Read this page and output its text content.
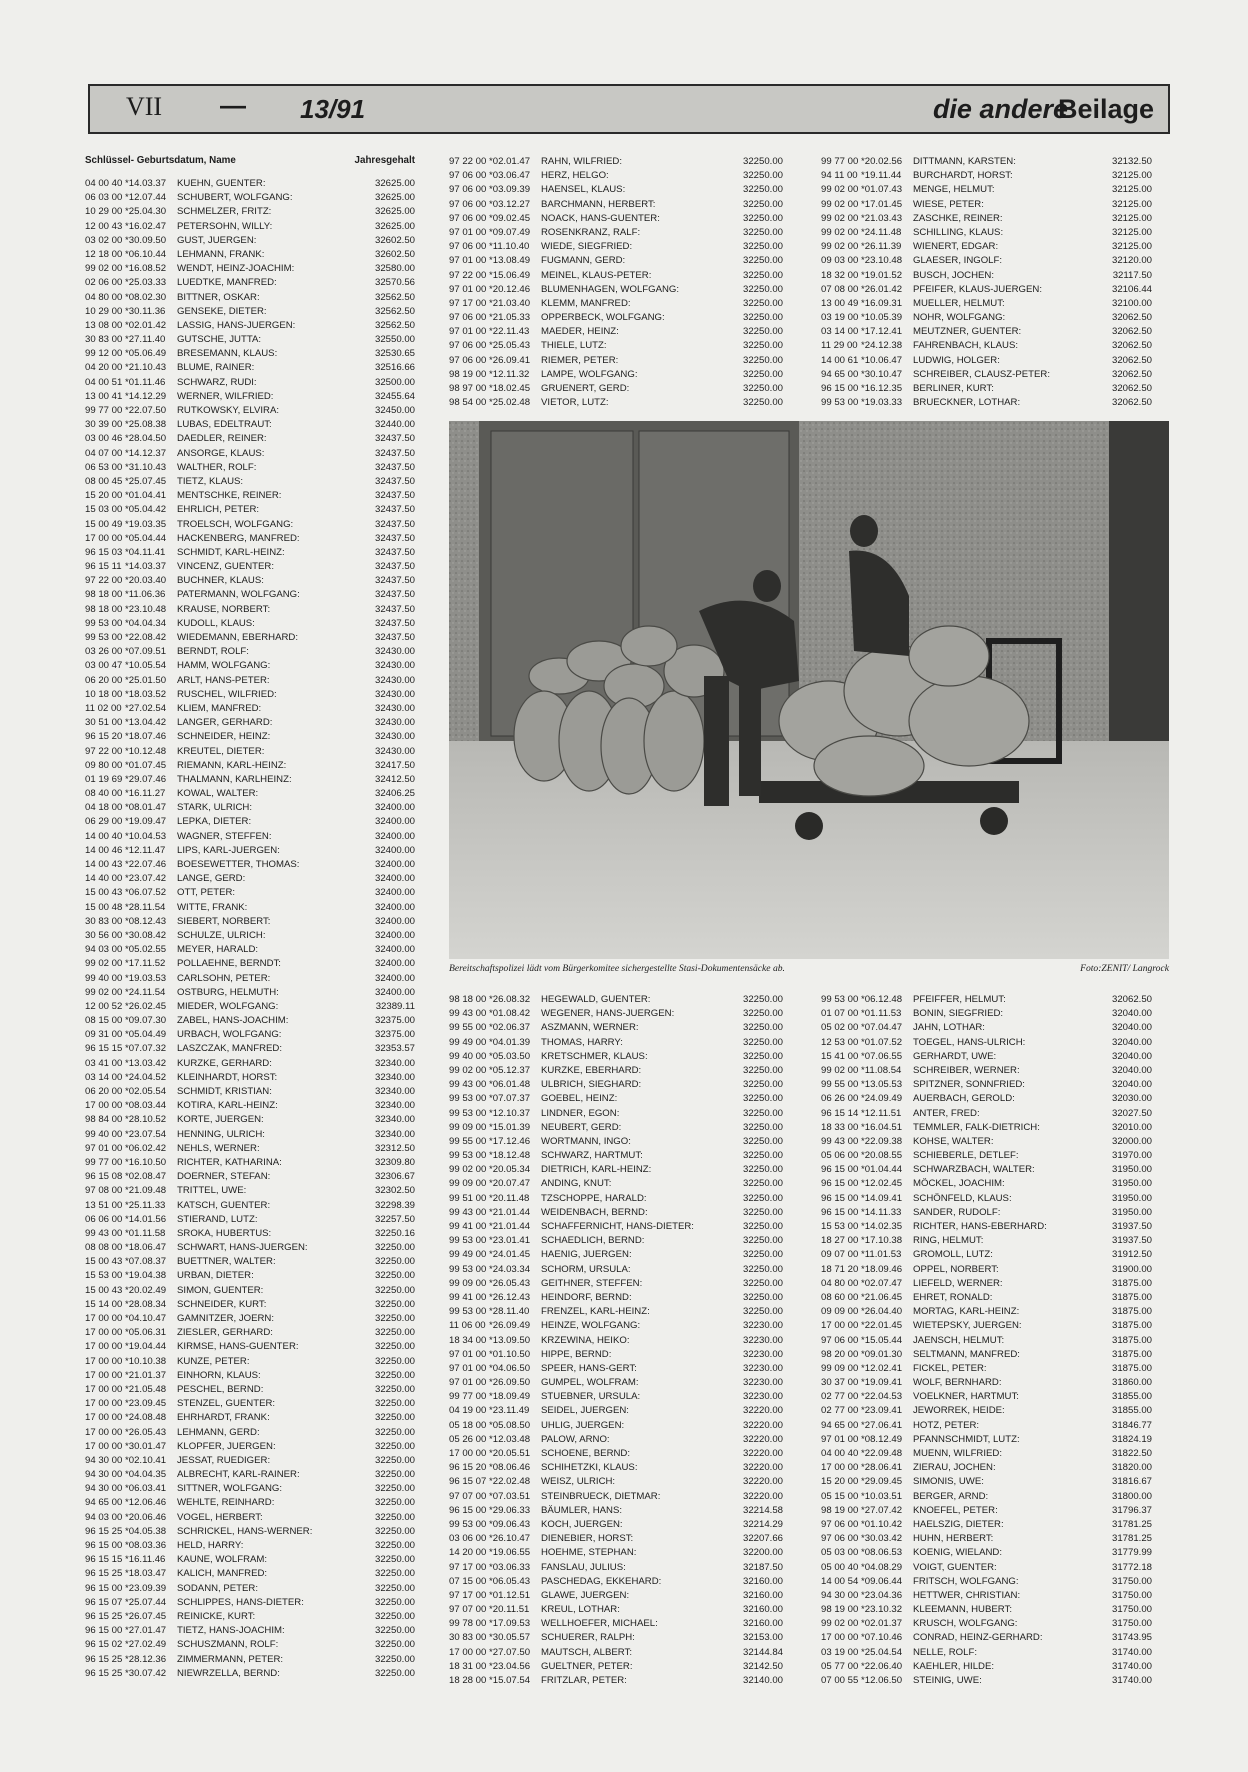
VII — 13/91	die andere
Beilage
Schlüssel- Geburtsdatum, Name	Jahresgehalt
04 00 40 *14.03.37	KUEHN, GUENTER:	32625.00
06 03 00 *12.07.44	SCHUBERT, WOLFGANG:	32625.00
10 29 00 *25.04.30	SCHMELZER, FRITZ:	32625.00
12 00 43 *16.02.47	PETERSOHN, WILLY:	32625.00
03 02 00 *30.09.50	GUST, JUERGEN:	32602.50
12 18 00 *06.10.44	LEHMANN, FRANK:	32602.50
99 02 00 *16.08.52	WENDT, HEINZ-JOACHIM:	32580.00
02 06 00 *25.03.33	LUEDTKE, MANFRED:	32570.56
04 80 00 *08.02.30	BITTNER, OSKAR:	32562.50
10 29 00 *30.11.36	GENSEKE, DIETER:	32562.50
13 08 00 *02.01.42	LASSIG, HANS-JUERGEN:	32562.50
30 83 00 *27.11.40	GUTSCHE, JUTTA:	32550.00
99 12 00 *05.06.49	BRESEMANN, KLAUS:	32530.65
04 20 00 *21.10.43	BLUME, RAINER:	32516.66
04 00 51 *01.11.46	SCHWARZ, RUDI:	32500.00
13 00 41 *14.12.29	WERNER, WILFRIED:	32455.64
99 77 00 *22.07.50	RUTKOWSKY, ELVIRA:	32450.00
30 39 00 *25.08.38	LUBAS, EDELTRAUT:	32440.00
03 00 46 *28.04.50	DAEDLER, REINER:	32437.50
04 07 00 *14.12.37	ANSORGE, KLAUS:	32437.50
06 53 00 *31.10.43	WALTHER, ROLF:	32437.50
08 00 45 *25.07.45	TIETZ, KLAUS:	32437.50
15 20 00 *01.04.41	MENTSCHKE, REINER:	32437.50
15 03 00 *05.04.42	EHRLICH, PETER:	32437.50
15 00 49 *19.03.35	TROELSCH, WOLFGANG:	32437.50
17 00 00 *05.04.44	HACKENBERG, MANFRED:	32437.50
96 15 03 *04.11.41	SCHMIDT, KARL-HEINZ:	32437.50
96 15 11 *14.03.37	VINCENZ, GUENTER:	32437.50
97 22 00 *20.03.40	BUCHNER, KLAUS:	32437.50
98 18 00 *11.06.36	PATERMANN, WOLFGANG:	32437.50
98 18 00 *23.10.48	KRAUSE, NORBERT:	32437.50
99 53 00 *04.04.34	KUDOLL, KLAUS:	32437.50
99 53 00 *22.08.42	WIEDEMANN, EBERHARD:	32437.50
03 26 00 *07.09.51	BERNDT, ROLF:	32430.00
03 00 47 *10.05.54	HAMM, WOLFGANG:	32430.00
06 20 00 *25.01.50	ARLT, HANS-PETER:	32430.00
10 18 00 *18.03.52	RUSCHEL, WILFRIED:	32430.00
11 02 00 *27.02.54	KLIEM, MANFRED:	32430.00
30 51 00 *13.04.42	LANGER, GERHARD:	32430.00
96 15 20 *18.07.46	SCHNEIDER, HEINZ:	32430.00
97 22 00 *10.12.48	KREUTEL, DIETER:	32430.00
09 80 00 *01.07.45	RIEMANN, KARL-HEINZ:	32417.50
01 19 69 *29.07.46	THALMANN, KARLHEINZ:	32412.50
08 40 00 *16.11.27	KOWAL, WALTER:	32406.25
04 18 00 *08.01.47	STARK, ULRICH:	32400.00
06 29 00 *19.09.47	LEPKA, DIETER:	32400.00
14 00 40 *10.04.53	WAGNER, STEFFEN:	32400.00
14 00 46 *12.11.47	LIPS, KARL-JUERGEN:	32400.00
14 00 43 *22.07.46	BOESEWETTER, THOMAS:	32400.00
14 40 00 *23.07.42	LANGE, GERD:	32400.00
15 00 43 *06.07.52	OTT, PETER:	32400.00
15 00 48 *28.11.54	WITTE, FRANK:	32400.00
30 83 00 *08.12.43	SIEBERT, NORBERT:	32400.00
30 56 00 *30.08.42	SCHULZE, ULRICH:	32400.00
94 03 00 *05.02.55	MEYER, HARALD:	32400.00
99 02 00 *17.11.52	POLLAEHNE, BERNDT:	32400.00
99 40 00 *19.03.53	CARLSOHN, PETER:	32400.00
99 02 00 *24.11.54	OSTBURG, HELMUTH:	32400.00
12 00 52 *26.02.45	MIEDER, WOLFGANG:	32389.11
08 15 00 *09.07.30	ZABEL, HANS-JOACHIM:	32375.00
09 31 00 *05.04.49	URBACH, WOLFGANG:	32375.00
96 15 15 *07.07.32	LASZCZAK, MANFRED:	32353.57
03 41 00 *13.03.42	KURZKE, GERHARD:	32340.00
03 14 00 *24.04.52	KLEINHARDT, HORST:	32340.00
06 20 00 *02.05.54	SCHMIDT, KRISTIAN:	32340.00
17 00 00 *08.03.44	KOTIRA, KARL-HEINZ:	32340.00
98 84 00 *28.10.52	KORTE, JUERGEN:	32340.00
99 40 00 *23.07.54	HENNING, ULRICH:	32340.00
97 01 00 *06.02.42	NEHLS, WERNER:	32312.50
99 77 00 *16.10.50	RICHTER, KATHARINA:	32309.80
96 15 08 *02.08.47	DOERNER, STEFAN:	32306.67
97 08 00 *21.09.48	TRITTEL, UWE:	32302.50
13 51 00 *25.11.33	KATSCH, GUENTER:	32298.39
06 06 00 *14.01.56	STIERAND, LUTZ:	32257.50
99 43 00 *01.11.58	SROKA, HUBERTUS:	32250.16
08 08 00 *18.06.47	SCHWART, HANS-JUERGEN:	32250.00
15 00 43 *07.08.37	BUETTNER, WALTER:	32250.00
15 53 00 *19.04.38	URBAN, DIETER:	32250.00
15 00 43 *20.02.49	SIMON, GUENTER:	32250.00
15 14 00 *28.08.34	SCHNEIDER, KURT:	32250.00
17 00 00 *04.10.47	GAMNITZER, JOERN:	32250.00
17 00 00 *05.06.31	ZIESLER, GERHARD:	32250.00
17 00 00 *19.04.44	KIRMSE, HANS-GUENTER:	32250.00
17 00 00 *10.10.38	KUNZE, PETER:	32250.00
17 00 00 *21.01.37	EINHORN, KLAUS:	32250.00
17 00 00 *21.05.48	PESCHEL, BERND:	32250.00
17 00 00 *23.09.45	STENZEL, GUENTER:	32250.00
17 00 00 *24.08.48	EHRHARDT, FRANK:	32250.00
17 00 00 *26.05.43	LEHMANN, GERD:	32250.00
17 00 00 *30.01.47	KLOPFER, JUERGEN:	32250.00
94 30 00 *02.10.41	JESSAT, RUEDIGER:	32250.00
94 30 00 *04.04.35	ALBRECHT, KARL-RAINER:	32250.00
94 30 00 *06.03.41	SITTNER, WOLFGANG:	32250.00
94 65 00 *12.06.46	WEHLTE, REINHARD:	32250.00
94 03 00 *20.06.46	VOGEL, HERBERT:	32250.00
96 15 25 *04.05.38	SCHRICKEL, HANS-WERNER:	32250.00
96 15 00 *08.03.36	HELD, HARRY:	32250.00
96 15 15 *16.11.46	KAUNE, WOLFRAM:	32250.00
96 15 25 *18.03.47	KALICH, MANFRED:	32250.00
96 15 00 *23.09.39	SODANN, PETER:	32250.00
96 15 07 *25.07.44	SCHLIPPES, HANS-DIETER:	32250.00
96 15 25 *26.07.45	REINICKE, KURT:	32250.00
96 15 00 *27.01.47	TIETZ, HANS-JOACHIM:	32250.00
96 15 02 *27.02.49	SCHUSZMANN, ROLF:	32250.00
96 15 25 *28.12.36	ZIMMERMANN, PETER:	32250.00
96 15 25 *30.07.42	NIEWRZELLA, BERND:	32250.00
97 22 00 *02.01.47	RAHN, WILFRIED:	32250.00
97 06 00 *03.06.47	HERZ, HELGO:	32250.00
97 06 00 *03.09.39	HAENSEL, KLAUS:	32250.00
97 06 00 *03.12.27	BARCHMANN, HERBERT:	32250.00
97 06 00 *09.02.45	NOACK, HANS-GUENTER:	32250.00
97 01 00 *09.07.49	ROSENKRANZ, RALF:	32250.00
97 06 00 *11.10.40	WIEDE, SIEGFRIED:	32250.00
97 01 00 *13.08.49	FUGMANN, GERD:	32250.00
97 22 00 *15.06.49	MEINEL, KLAUS-PETER:	32250.00
97 01 00 *20.12.46	BLUMENHAGEN, WOLFGANG:	32250.00
97 17 00 *21.03.40	KLEMM, MANFRED:	32250.00
97 06 00 *21.05.33	OPPERBECK, WOLFGANG:	32250.00
97 01 00 *22.11.43	MAEDER, HEINZ:	32250.00
97 06 00 *25.05.43	THIELE, LUTZ:	32250.00
97 06 00 *26.09.41	RIEMER, PETER:	32250.00
98 19 00 *12.11.32	LAMPE, WOLFGANG:	32250.00
98 97 00 *18.02.45	GRUENERT, GERD:	32250.00
98 54 00 *25.02.48	VIETOR, LUTZ:	32250.00
99 77 00 *20.02.56	DITTMANN, KARSTEN:	32132.50
94 11 00 *19.11.44	BURCHARDT, HORST:	32125.00
99 02 00 *01.07.43	MENGE, HELMUT:	32125.00
99 02 00 *17.01.45	WIESE, PETER:	32125.00
99 02 00 *21.03.43	ZASCHKE, REINER:	32125.00
99 02 00 *24.11.48	SCHILLING, KLAUS:	32125.00
99 02 00 *26.11.39	WIENERT, EDGAR:	32125.00
09 03 00 *23.10.48	GLAESER, INGOLF:	32120.00
18 32 00 *19.01.52	BUSCH, JOCHEN:	32117.50
07 08 00 *26.01.42	PFEIFER, KLAUS-JUERGEN:	32106.44
13 00 49 *16.09.31	MUELLER, HELMUT:	32100.00
03 19 00 *10.05.39	NOHR, WOLFGANG:	32062.50
03 14 00 *17.12.41	MEUTZNER, GUENTER:	32062.50
11 29 00 *24.12.38	FAHRENBACH, KLAUS:	32062.50
14 00 61 *10.06.47	LUDWIG, HOLGER:	32062.50
94 65 00 *30.10.47	SCHREIBER, CLAUSZ-PETER:	32062.50
96 15 00 *16.12.35	BERLINER, KURT:	32062.50
99 53 00 *19.03.33	BRUECKNER, LOTHAR:	32062.50
Bereitschaftspolizei lädt vom Bürgerkomitee sichergestellte Stasi-Dokumentensäcke ab.	Foto:ZENIT/ Langrock
98 18 00 *26.08.32	HEGEWALD, GUENTER:	32250.00
99 43 00 *01.08.42	WEGENER, HANS-JUERGEN:	32250.00
99 55 00 *02.06.37	ASZMANN, WERNER:	32250.00
99 49 00 *04.01.39	THOMAS, HARRY:	32250.00
99 40 00 *05.03.50	KRETSCHMER, KLAUS:	32250.00
99 02 00 *05.12.37	KURZKE, EBERHARD:	32250.00
99 43 00 *06.01.48	ULBRICH, SIEGHARD:	32250.00
99 53 00 *07.07.37	GOEBEL, HEINZ:	32250.00
99 53 00 *12.10.37	LINDNER, EGON:	32250.00
99 09 00 *15.01.39	NEUBERT, GERD:	32250.00
99 55 00 *17.12.46	WORTMANN, INGO:	32250.00
99 53 00 *18.12.48	SCHWARZ, HARTMUT:	32250.00
99 02 00 *20.05.34	DIETRICH, KARL-HEINZ:	32250.00
99 09 00 *20.07.47	ANDING, KNUT:	32250.00
99 51 00 *20.11.48	TZSCHOPPE, HARALD:	32250.00
99 43 00 *21.01.44	WEIDENBACH, BERND:	32250.00
99 41 00 *21.01.44	SCHAFFERNICHT, HANS-DIETER:	32250.00
99 53 00 *23.01.41	SCHAEDLICH, BERND:	32250.00
99 49 00 *24.01.45	HAENIG, JUERGEN:	32250.00
99 53 00 *24.03.34	SCHORM, URSULA:	32250.00
99 09 00 *26.05.43	GEITHNER, STEFFEN:	32250.00
99 41 00 *26.12.43	HEINDORF, BERND:	32250.00
99 53 00 *28.11.40	FRENZEL, KARL-HEINZ:	32250.00
11 06 00 *26.09.49	HEINZE, WOLFGANG:	32230.00
18 34 00 *13.09.50	KRZEWINA, HEIKO:	32230.00
97 01 00 *01.10.50	HIPPE, BERND:	32230.00
97 01 00 *04.06.50	SPEER, HANS-GERT:	32230.00
97 01 00 *26.09.50	GUMPEL, WOLFRAM:	32230.00
99 77 00 *18.09.49	STUEBNER, URSULA:	32230.00
04 19 00 *23.11.49	SEIDEL, JUERGEN:	32220.00
05 18 00 *05.08.50	UHLIG, JUERGEN:	32220.00
05 26 00 *12.03.48	PALOW, ARNO:	32220.00
17 00 00 *20.05.51	SCHOENE, BERND:	32220.00
96 15 20 *08.06.46	SCHIHETZKI, KLAUS:	32220.00
96 15 07 *22.02.48	WEISZ, ULRICH:	32220.00
97 07 00 *07.03.51	STEINBRUECK, DIETMAR:	32220.00
96 15 00 *29.06.33	BÄUMLER, HANS:	32214.58
99 53 00 *09.06.43	KOCH, JUERGEN:	32214.29
03 06 00 *26.10.47	DIENEBIER, HORST:	32207.66
14 20 00 *19.06.55	HOEHME, STEPHAN:	32200.00
97 17 00 *03.06.33	FANSLAU, JULIUS:	32187.50
07 15 00 *06.05.43	PASCHEDAG, EKKEHARD:	32160.00
97 17 00 *01.12.51	GLAWE, JUERGEN:	32160.00
97 07 00 *20.11.51	KREUL, LOTHAR:	32160.00
99 78 00 *17.09.53	WELLHOEFER, MICHAEL:	32160.00
30 83 00 *30.05.57	SCHUERER, RALPH:	32153.00
17 00 00 *27.07.50	MAUTSCH, ALBERT:	32144.84
18 31 00 *23.04.56	GUELTNER, PETER:	32142.50
18 28 00 *15.07.54	FRITZLAR, PETER:	32140.00
99 53 00 *06.12.48	PFEIFFER, HELMUT:	32062.50
01 07 00 *01.11.53	BONIN, SIEGFRIED:	32040.00
05 02 00 *07.04.47	JAHN, LOTHAR:	32040.00
12 53 00 *01.07.52	TOEGEL, HANS-ULRICH:	32040.00
15 41 00 *07.06.55	GERHARDT, UWE:	32040.00
99 02 00 *11.08.54	SCHREIBER, WERNER:	32040.00
99 55 00 *13.05.53	SPITZNER, SONNFRIED:	32040.00
06 26 00 *24.09.49	AUERBACH, GEROLD:	32030.00
96 15 14 *12.11.51	ANTER, FRED:	32027.50
18 33 00 *16.04.51	TEMMLER, FALK-DIETRICH:	32010.00
99 43 00 *22.09.38	KOHSE, WALTER:	32000.00
05 06 00 *20.08.55	SCHIEBERLE, DETLEF:	31970.00
96 15 00 *01.04.44	SCHWARZBACH, WALTER:	31950.00
96 15 00 *12.02.45	MÖCKEL, JOACHIM:	31950.00
96 15 00 *14.09.41	SCHÖNFELD, KLAUS:	31950.00
96 15 00 *14.11.33	SANDER, RUDOLF:	31950.00
15 53 00 *14.02.35	RICHTER, HANS-EBERHARD:	31937.50
18 27 00 *17.10.38	RING, HELMUT:	31937.50
09 07 00 *11.01.53	GROMOLL, LUTZ:	31912.50
18 71 20 *18.09.46	OPPEL, NORBERT:	31900.00
04 80 00 *02.07.47	LIEFELD, WERNER:	31875.00
08 60 00 *21.06.45	EHRET, RONALD:	31875.00
09 09 00 *26.04.40	MORTAG, KARL-HEINZ:	31875.00
17 00 00 *22.01.45	WIETEPSKY, JUERGEN:	31875.00
97 06 00 *15.05.44	JAENSCH, HELMUT:	31875.00
98 20 00 *09.01.30	SELTMANN, MANFRED:	31875.00
99 09 00 *12.02.41	FICKEL, PETER:	31875.00
30 37 00 *19.09.41	WOLF, BERNHARD:	31860.00
02 77 00 *22.04.53	VOELKNER, HARTMUT:	31855.00
02 77 00 *23.09.41	JEWORREK, HEIDE:	31855.00
94 65 00 *27.06.41	HOTZ, PETER:	31846.77
97 01 00 *08.12.49	PFANNSCHMIDT, LUTZ:	31824.19
04 00 40 *22.09.48	MUENN, WILFRIED:	31822.50
17 00 00 *28.06.41	ZIERAU, JOCHEN:	31820.00
15 20 00 *29.09.45	SIMONIS, UWE:	31816.67
05 15 00 *10.03.51	BERGER, ARND:	31800.00
98 19 00 *27.07.42	KNOEFEL, PETER:	31796.37
97 06 00 *01.10.42	HAELSZIG, DIETER:	31781.25
97 06 00 *30.03.42	HUHN, HERBERT:	31781.25
05 03 00 *08.06.53	KOENIG, WIELAND:	31779.99
05 00 40 *04.08.29	VOIGT, GUENTER:	31772.18
14 00 54 *09.06.44	FRITSCH, WOLFGANG:	31750.00
94 30 00 *23.04.36	HETTWER, CHRISTIAN:	31750.00
98 19 00 *23.10.32	KLEEMANN, HUBERT:	31750.00
99 02 00 *02.01.37	KRUSCH, WOLFGANG:	31750.00
17 00 00 *07.10.46	CONRAD, HEINZ-GERHARD:	31743.95
03 19 00 *25.04.54	NELLE, ROLF:	31740.00
05 77 00 *22.06.40	KAEHLER, HILDE:	31740.00
07 00 55 *12.06.50	STEINIG, UWE:	31740.00
